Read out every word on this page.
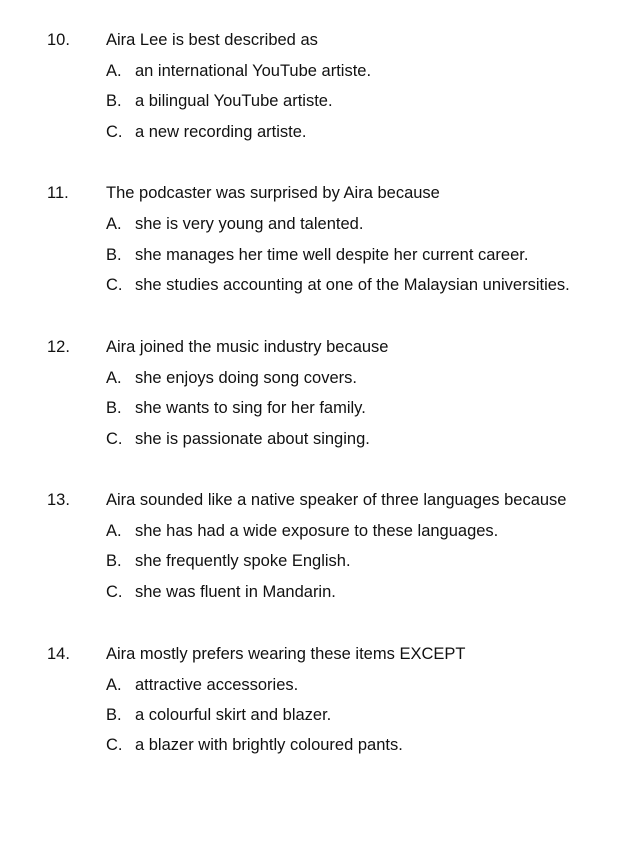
10. Aira Lee is best described as
A. an international YouTube artiste.
B. a bilingual YouTube artiste.
C. a new recording artiste.
11. The podcaster was surprised by Aira because
A. she is very young and talented.
B. she manages her time well despite her current career.
C. she studies accounting at one of the Malaysian universities.
12. Aira joined the music industry because
A. she enjoys doing song covers.
B. she wants to sing for her family.
C. she is passionate about singing.
13. Aira sounded like a native speaker of three languages because
A. she has had a wide exposure to these languages.
B. she frequently spoke English.
C. she was fluent in Mandarin.
14. Aira mostly prefers wearing these items EXCEPT
A. attractive accessories.
B. a colourful skirt and blazer.
C. a blazer with brightly coloured pants.
